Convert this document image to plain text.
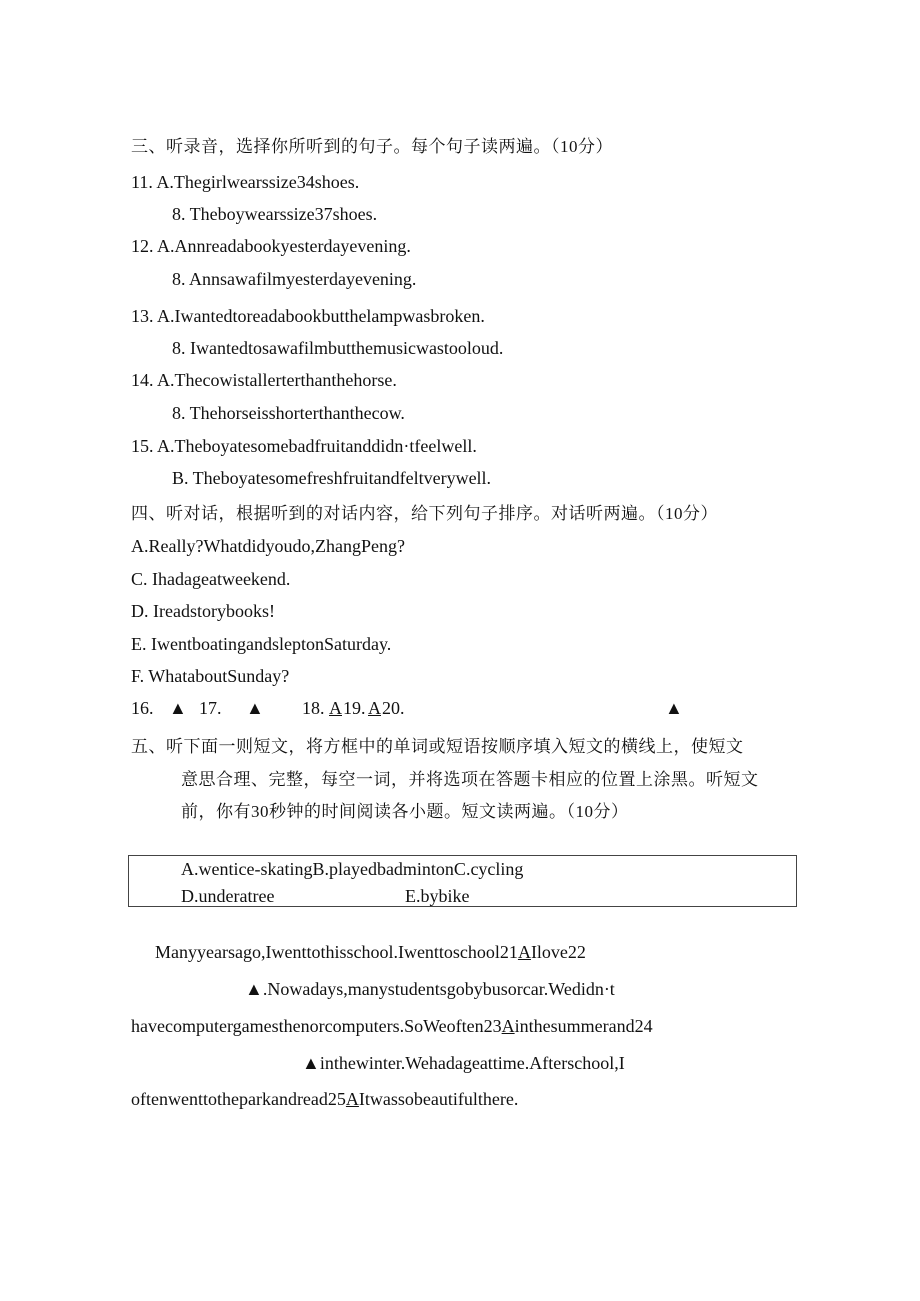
三、听录音，选择你所听到的句子。每个句子读两遍。（10分）
11. A.Thegirlwearssize34shoes.
8. Theboywearssize37shoes.
12. A.Annreadabookyesterdayevening.
8. Annsawafilmyesterdayevening.
13. A.Iwantedtoreadabookbutthelampwasbroken.
8. Iwantedtosawafilmbutthemusicwastooloud.
14. A.Thecowistallerterthanthehorse.
8. Thehorseisshorterthanthecow.
15. A.Theboyatesomebadfruitanddidn·tfeelwell.
B. Theboyatesomefreshfruitandfeltverywell.
四、听对话，根据听到的对话内容，给下列句子排序。对话听两遍。（10分）
A.Really?Whatdidyoudo,ZhangPeng?
C. Ihadageatweekend.
D. Ireadstorybooks!
E. IwentboatingandsleptonSaturday.
F. WhataboutSunday?
16. ▲ 17. ▲ 18. A 19. A 20.	▲
五、听下面一则短文，将方框中的单词或短语按顺序填入短文的横线上，使短文
意思合理、完整，每空一词，并将选项在答题卡相应的位置上涂黑。听短文
前，你有30秒钟的时间阅读各小题。短文读两遍。（10分）
A.wentice-skatingB.playedbadmintonC.cycling
D.underatree	E.bybike
Manyyearsago,Iwenttothisschool.Iwenttoschool21AIlove22
▲.Nowadays,manystudentsgobybusorcar.Wedidn·t
havecomputergamesthenorcomputers.SoWeoften23Ainthesummerand24
▲inthewinter.Wehadageattime.Afterschool,I
oftenwenttotheparkandread25AItwassobeautifulthere.
